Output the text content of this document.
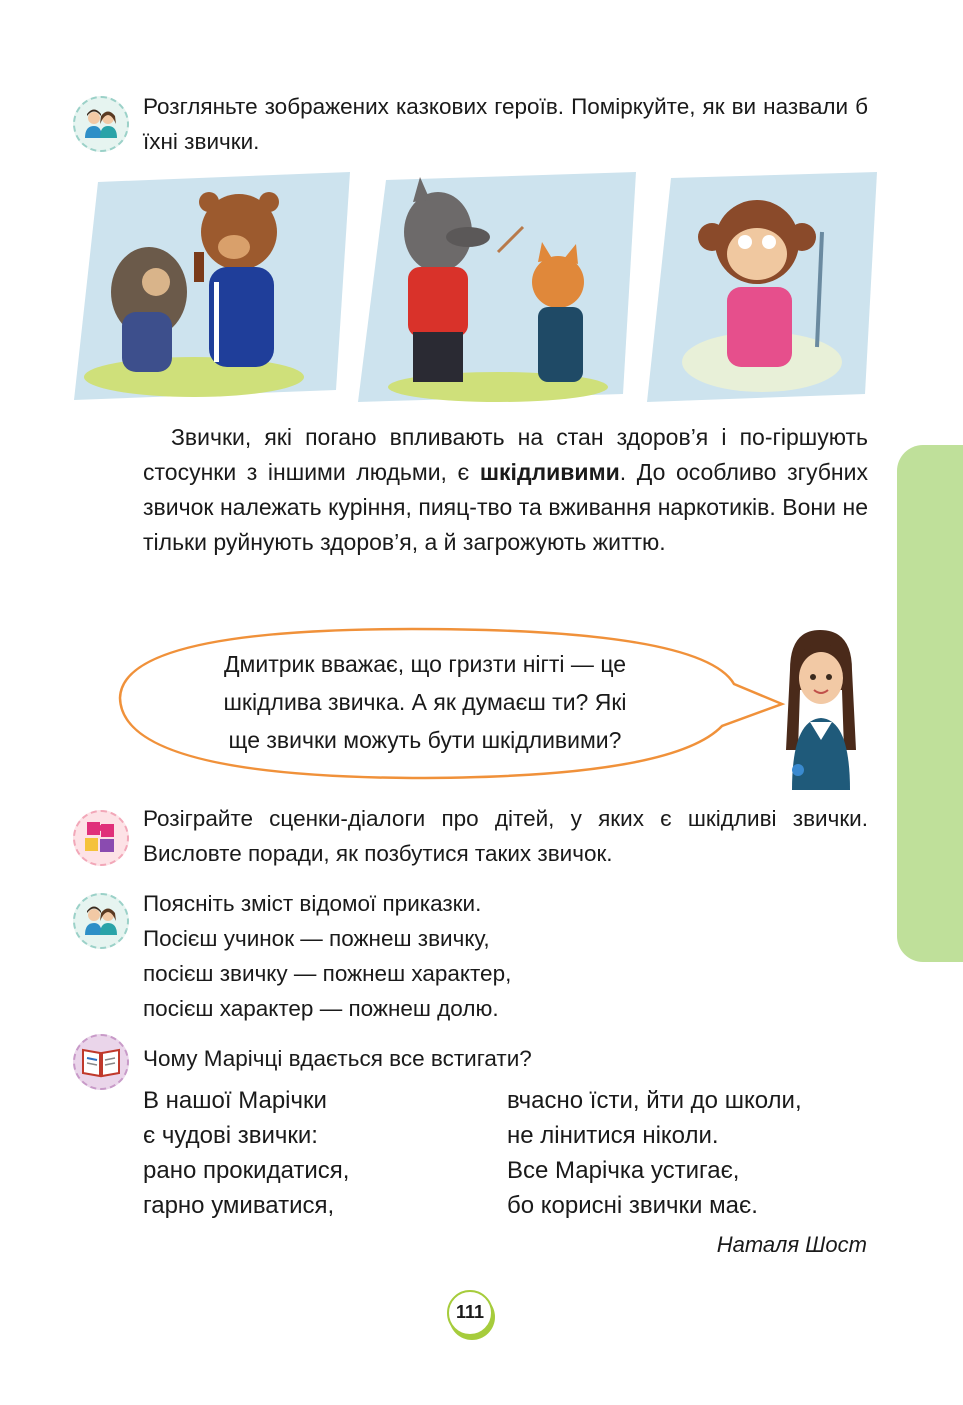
Розгляньте зображених казкових героїв. Поміркуйте, як ви назвали б їхні звички.
Звички, які погано впливають на стан здоров’я і по-гіршують стосунки з іншими людьми, є шкідливими. До особливо згубних звичок належать куріння, пияц-тво та вживання наркотиків. Вони не тільки руйнують здоров’я, а й загрожують життю.
Дмитрик вважає, що гризти нігті — це
шкідлива звичка. А як думаєш ти? Які
ще звички можуть бути шкідливими?
Розіграйте сценки-діалоги про дітей, у яких є шкідливі звички. Висловте поради, як позбутися таких звичок.
Поясніть зміст відомої приказки.
Посієш учинок — пожнеш звичку,
посієш звичку — пожнеш характер,
посієш характер — пожнеш долю.
Чому Марічці вдається все встигати?
В нашої Марічки
є чудові звички:
рано прокидатися,
гарно умиватися,
вчасно їсти, йти до школи,
не лінитися ніколи.
Все Марічка устигає,
бо корисні звички має.
Наталя Шост
111
